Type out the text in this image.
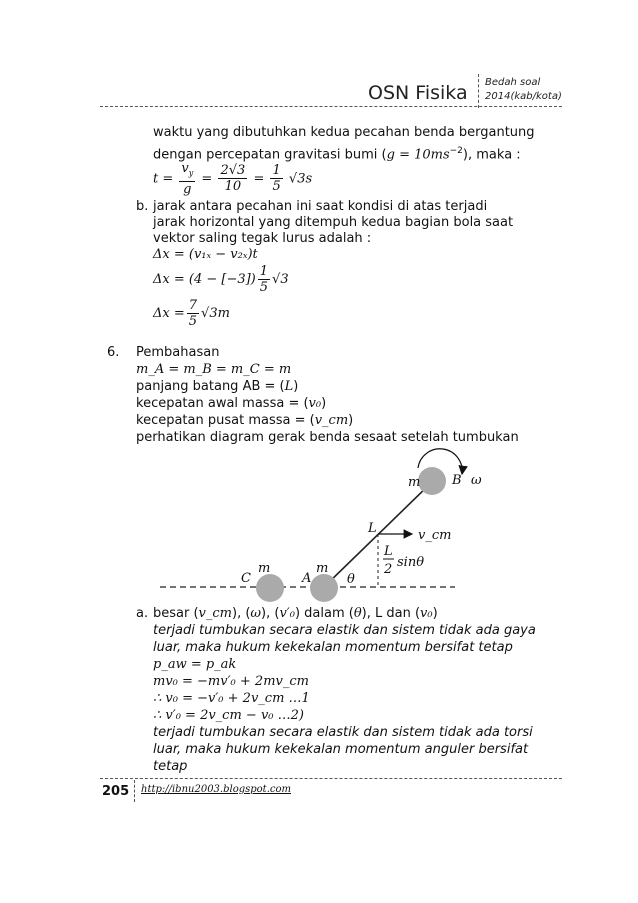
OSN Fisika Bedah soal
2014(kab/kota)
waktu yang dibutuhkan kedua pecahan benda bergantung
dengan percepatan gravitasi bumi $(g = 10ms^{-2})$, maka :
$t = \frac{v_y}{g} = \frac{2√3}{10} = \frac{1}{5} √3s$
b. jarak antara pecahan ini saat kondisi di atas terjadi
jarak horizontal yang ditempuh kedua bagian bola saat
vektor saling tegak lurus adalah :
Δx = (v₁ₓ − v₂ₓ)t
$\Delta x = (4 - [-3]) \frac{1}{5} √3$
$\Delta x = \frac{7}{5} √3m$
6. Pembahasan
m_A = m_B = m_C = m
panjang batang AB = (L)
kecepatan awal massa = (v₀)
kecepatan pusat massa = (v_cm)
perhatikan diagram gerak benda sesaat setelah tumbukan
m B ω
L	v_cm
L
2 sinθ
m
C
m
A	θ
a. besar (v_cm), (ω), (v′₀) dalam (θ), L dan (v₀)
terjadi tumbukan secara elastik dan sistem tidak ada gaya
luar, maka hukum kekekalan momentum bersifat tetap
p_aw = p_ak
mv₀ = −mv′₀ + 2mv_cm
∴ v₀ = −v′₀ + 2v_cm …1
∴ v′₀ = 2v_cm − v₀ …2)
terjadi tumbukan secara elastik dan sistem tidak ada torsi
luar, maka hukum kekekalan momentum anguler bersifat
tetap
205 http://ibnu2003.blogspot.com
